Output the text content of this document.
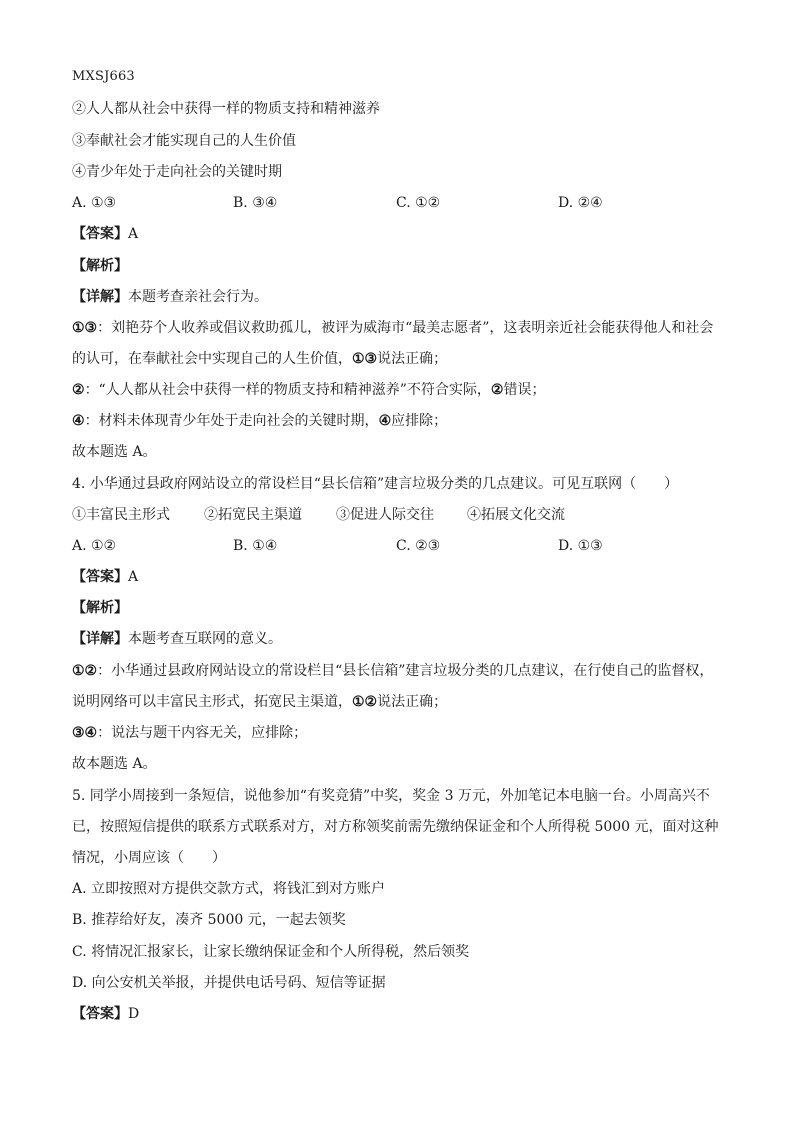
MXSJ663
②人人都从社会中获得一样的物质支持和精神滋养
③奉献社会才能实现自己的人生价值
④青少年处于走向社会的关键时期
A. ①③	B. ③④	C. ①②	D. ②④
【答案】A
【解析】
【详解】本题考查亲社会行为。
①③：刘艳芬个人收养或倡议救助孤儿，被评为威海市“最美志愿者”，这表明亲近社会能获得他人和社会
的认可，在奉献社会中实现自己的人生价值，①③说法正确；
②：“人人都从社会中获得一样的物质支持和精神滋养”不符合实际，②错误；
④：材料未体现青少年处于走向社会的关键时期，④应排除；
故本题选 A。
4. 小华通过县政府网站设立的常设栏目“县长信箱”建言垃圾分类的几点建议。可见互联网（　　）
①丰富民主形式 ②拓宽民主渠道 ③促进人际交往 ④拓展文化交流
A. ①②	B. ①④	C. ②③	D. ①③
【答案】A
【解析】
【详解】本题考查互联网的意义。
①②：小华通过县政府网站设立的常设栏目“县长信箱”建言垃圾分类的几点建议，在行使自己的监督权，
说明网络可以丰富民主形式，拓宽民主渠道，①②说法正确；
③④：说法与题干内容无关，应排除；
故本题选 A。
5. 同学小周接到一条短信，说他参加“有奖竞猜”中奖，奖金 3 万元，外加笔记本电脑一台。小周高兴不
已，按照短信提供的联系方式联系对方，对方称领奖前需先缴纳保证金和个人所得税 5000 元，面对这种
情况，小周应该（　　）
A. 立即按照对方提供交款方式，将钱汇到对方账户
B. 推荐给好友，凑齐 5000 元，一起去领奖
C. 将情况汇报家长，让家长缴纳保证金和个人所得税，然后领奖
D. 向公安机关举报，并提供电话号码、短信等证据
【答案】D
